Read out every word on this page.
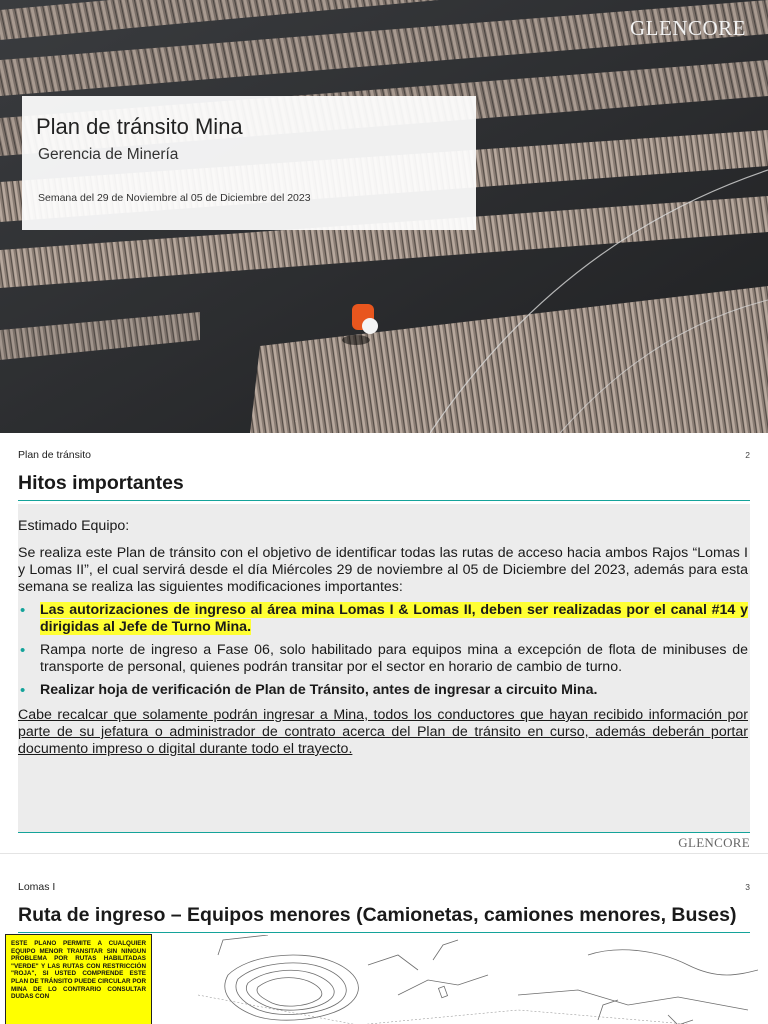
GLENCORE
Plan de tránsito Mina
Gerencia de Minería
Semana del 29 de Noviembre al 05 de Diciembre del 2023
Plan de tránsito	2
Hitos importantes

Estimado Equipo:

Se realiza este Plan de tránsito con el objetivo de identificar todas las rutas de acceso hacia ambos Rajos “Lomas I y Lomas II”, el cual servirá desde el día Miércoles 29 de noviembre al 05 de Diciembre del 2023, además para esta semana se realiza las siguientes modificaciones importantes:

• Las autorizaciones de ingreso al área mina Lomas I & Lomas II, deben ser realizadas por el canal #14 y dirigidas al Jefe de Turno Mina.
• Rampa norte de ingreso a Fase 06, solo habilitado para equipos mina a excepción de flota de minibuses de transporte de personal, quienes podrán transitar por el sector en horario de cambio de turno.
• Realizar hoja de verificación de Plan de Tránsito, antes de ingresar a circuito Mina.

Cabe recalcar que solamente podrán ingresar a Mina, todos los conductores que hayan recibido información por parte de su jefatura o administrador de contrato acerca del Plan de tránsito en curso, además deberán portar documento impreso o digital durante todo el trayecto.

GLENCORE
Lomas I	3
Ruta de ingreso – Equipos menores (Camionetas, camiones menores, Buses)
ESTE PLANO PERMITE A CUALQUIER EQUIPO MENOR TRANSITAR SIN NINGUN PROBLEMA POR RUTAS HABILITADAS "VERDE" Y LAS RUTAS CON RESTRICCIÓN "ROJA", SI USTED COMPRENDE ESTE PLAN DE TRÁNSITO PUEDE CIRCULAR POR MINA DE LO CONTRARIO CONSULTAR DUDAS CON
